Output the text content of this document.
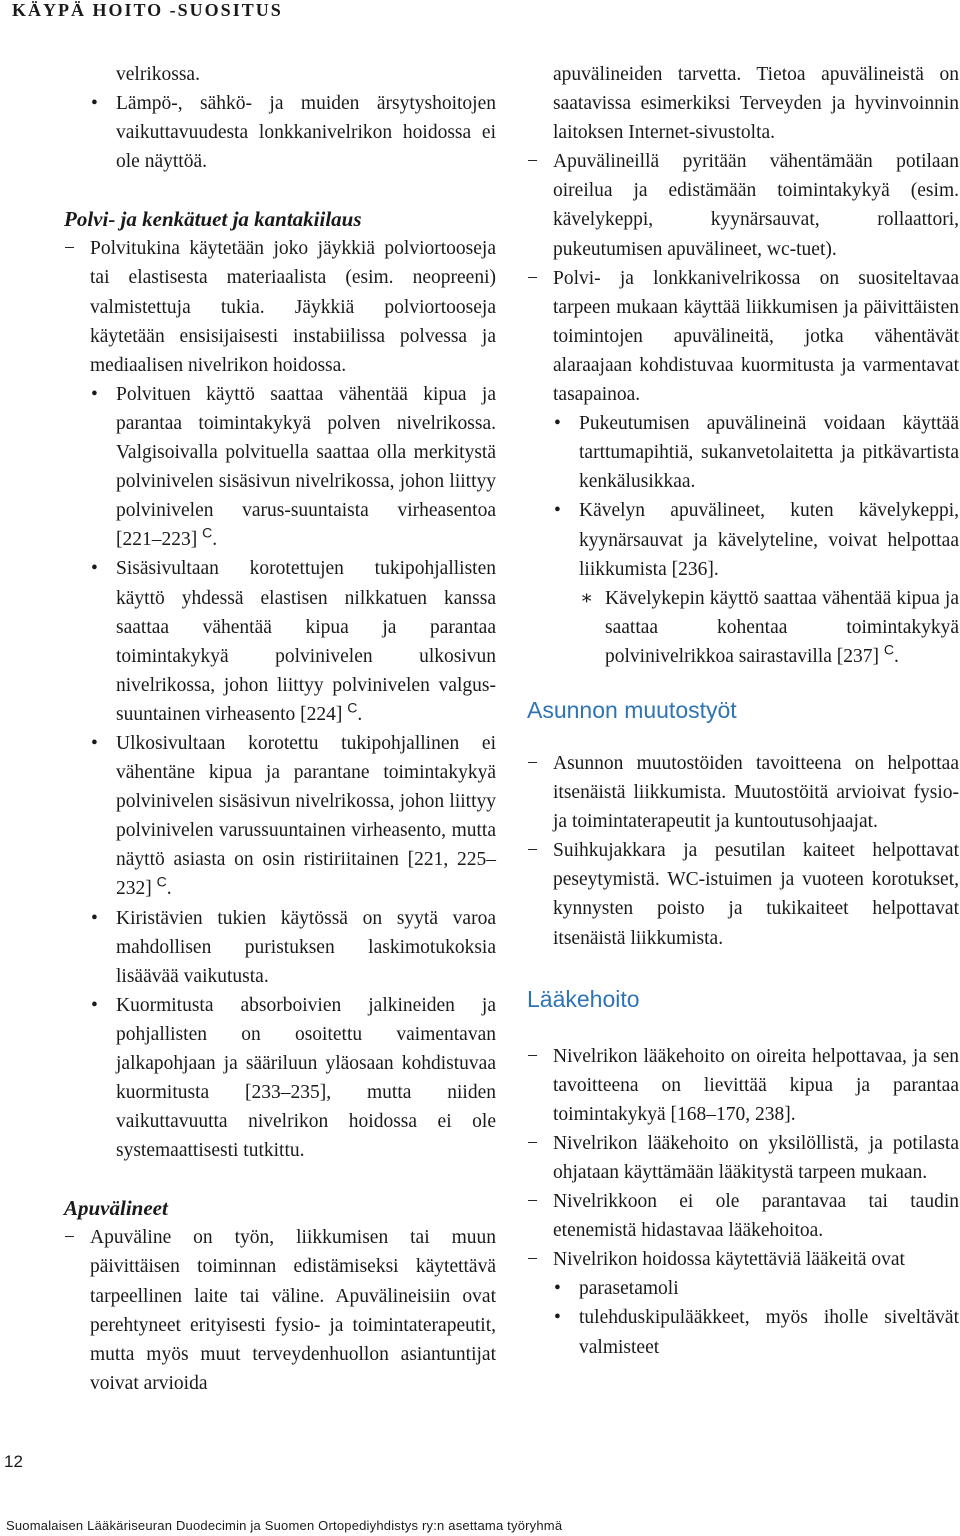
KÄYPÄ HOITO -SUOSITUS

velrikossa.

• Lämpö-, sähkö- ja muiden ärsytyshoitojen vaikuttavuudesta lonkkanivelrikon hoidossa ei ole näyttöä.
Polvi- ja kenkätuet ja kantakiilaus
− Polvitukina käytetään joko jäykkiä polviortooseja tai elastisesta materiaalista (esim. neopreeni) valmistettuja tukia. Jäykkiä polviortooseja käytetään ensisijaisesti instabiilissa polvessa ja mediaalisen nivelrikon hoidossa.
• Polvituen käyttö saattaa vähentää kipua ja parantaa toimintakykyä polven nivelrikossa. Valgisoivalla polvituella saattaa olla merkitystä polvinivelen sisäsivun nivelrikossa, johon liittyy polvinivelen varus-suuntaista virheasentoa [221–223] $^C$.
• Sisäsivultaan korotettujen tukipohjallisten käyttö yhdessä elastisen nilkkatuen kanssa saattaa vähentää kipua ja parantaa toimintakykyä polvinivelen ulkosivun nivelrikossa, johon liittyy polvinivelen valgus-suuntainen virheasento [224] $^C$.
• Ulkosivultaan korotettu tukipohjallinen ei vähentäne kipua ja parantane toimintakykyä polvinivelen sisäsivun nivelrikossa, johon liittyy polvinivelen varussuuntainen virheasento, mutta näyttö asiasta on osin ristiriitainen [221, 225–232] $^C$.
• Kiristävien tukien käytössä on syytä varoa mahdollisen puristuksen laskimotukoksia lisäävää vaikutusta.
• Kuormitusta absorboivien jalkineiden ja pohjallisten on osoitettu vaimentavan jalkapohjaan ja sääriluun yläosaan kohdistuvaa kuormitusta [233–235], mutta niiden vaikuttavuutta nivelrikon hoidossa ei ole systemaattisesti tutkittu.
Apuvälineet
− Apuväline on työn, liikkumisen tai muun päivittäisen toiminnan edistämiseksi käytettävä tarpeellinen laite tai väline. Apuvälineisiin ovat perehtyneet erityisesti fysio- ja toimintaterapeutit, mutta myös muut terveydenhuollon asiantuntijat voivat arvioida

apuvälineiden tarvetta. Tietoa apuvälineistä on saatavissa esimerkiksi Terveyden ja hyvinvoinnin laitoksen Internet-sivustolta.

− Apuvälineillä pyritään vähentämään potilaan oireilua ja edistämään toimintakykyä (esim. kävelykeppi, kyynärsauvat, rollaattori, pukeutumisen apuvälineet, wc-tuet).
− Polvi- ja lonkkanivelrikossa on suositeltavaa tarpeen mukaan käyttää liikkumisen ja päivittäisten toimintojen apuvälineitä, jotka vähentävät alaraajaan kohdistuvaa kuormitusta ja varmentavat tasapainoa.
• Pukeutumisen apuvälineinä voidaan käyttää tarttumapihtiä, sukanvetolaitetta ja pitkävartista kenkälusikkaa.
• Kävelyn apuvälineet, kuten kävelykeppi, kyynärsauvat ja kävelyteline, voivat helpottaa liikkumista [236].
∗ Kävelykepin käyttö saattaa vähentää kipua ja saattaa kohentaa toimintakykyä polvinivelrikkoa sairastavilla [237] $^C$.
Asunnon muutostyöt
− Asunnon muutostöiden tavoitteena on helpottaa itsenäistä liikkumista. Muutostöitä arvioivat fysio- ja toimintaterapeutit ja kuntoutusohjaajat.
− Suihkujakkara ja pesutilan kaiteet helpottavat peseytymistä. WC-istuimen ja vuoteen korotukset, kynnysten poisto ja tukikaiteet helpottavat itsenäistä liikkumista.
Lääkehoito
− Nivelrikon lääkehoito on oireita helpottavaa, ja sen tavoitteena on lievittää kipua ja parantaa toimintakykyä [168–170, 238].
− Nivelrikon lääkehoito on yksilöllistä, ja potilasta ohjataan käyttämään lääkitystä tarpeen mukaan.
− Nivelrikkoon ei ole parantavaa tai taudin etenemistä hidastavaa lääkehoitoa.
− Nivelrikon hoidossa käytettäviä lääkeitä ovat
• parasetamoli
• tulehduskipulääkkeet, myös iholle siveltävät valmisteet
12
Suomalaisen Lääkäriseuran Duodecimin ja Suomen Ortopediyhdistys ry:n asettama työryhmä
